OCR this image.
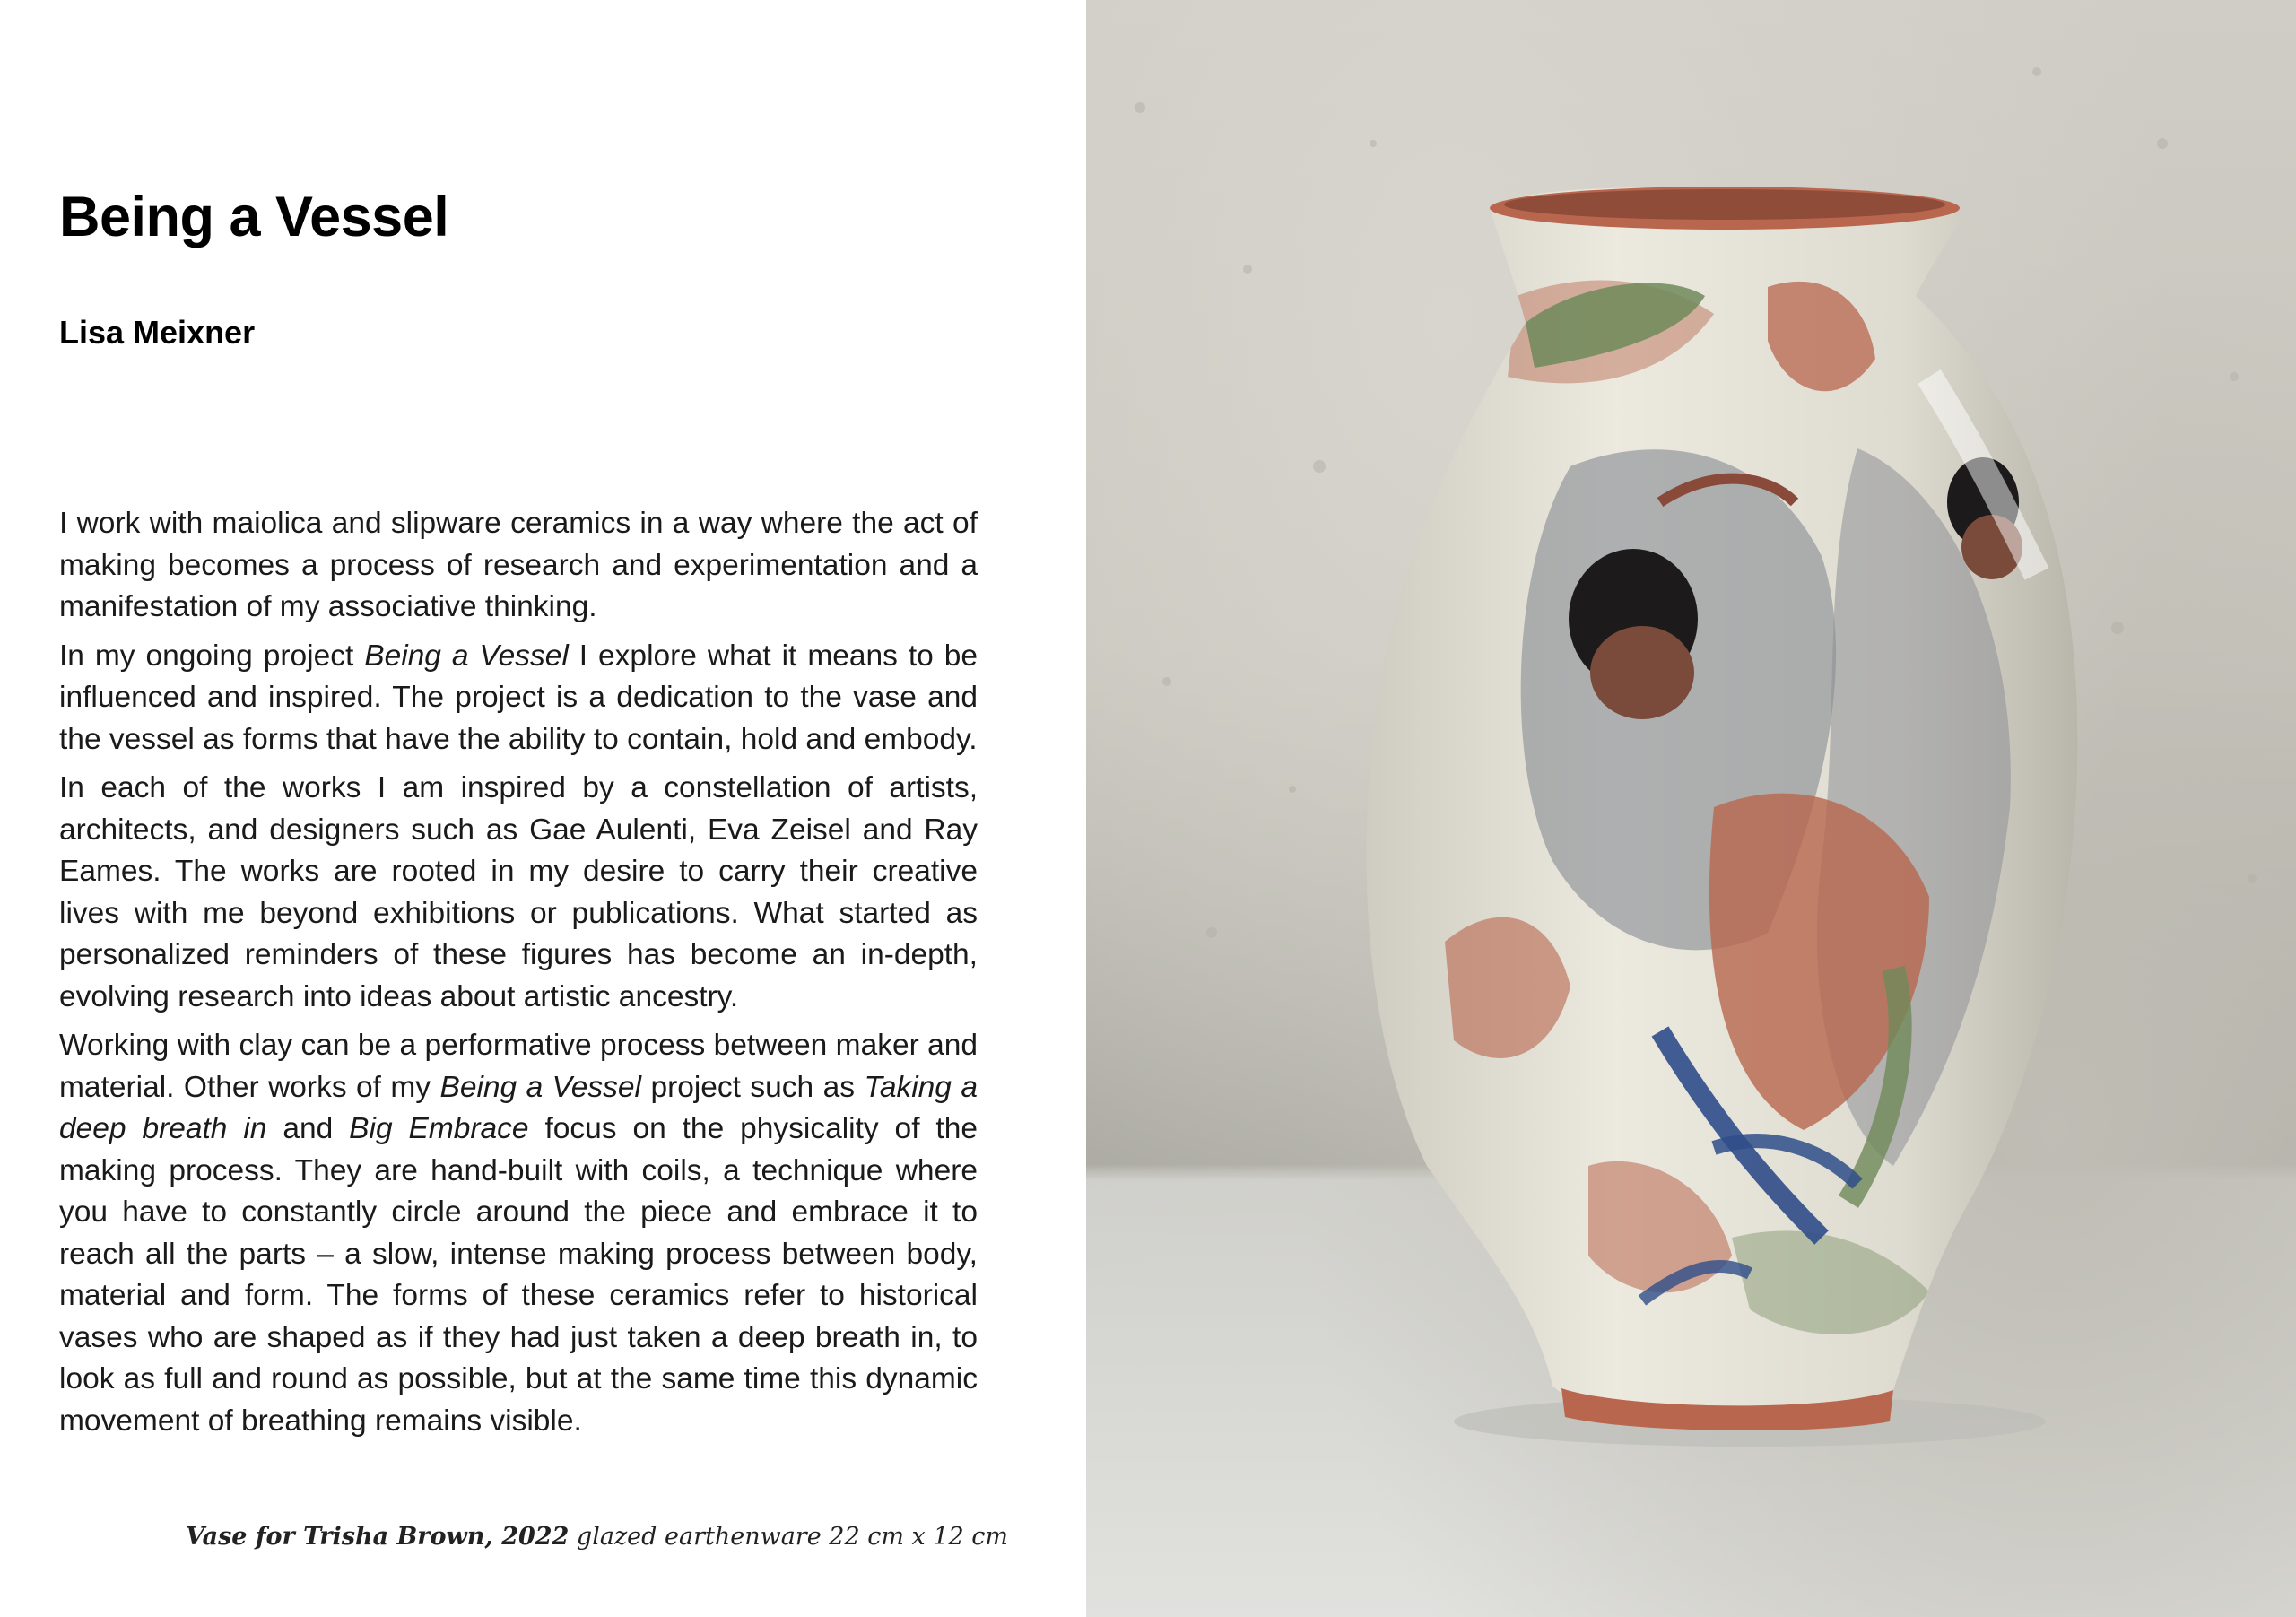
Being a Vessel
Lisa Meixner

I work with maiolica and slipware ceramics in a way where the act of making becomes a process of research and experimentation and a manifestation of my associative thinking.

In my ongoing project Being a Vessel I explore what it means to be influenced and inspired. The project is a dedication to the vase and the vessel as forms that have the ability to contain, hold and embody.

In each of the works I am inspired by a constellation of artists, architects, and designers such as Gae Aulenti, Eva Zeisel and Ray Eames. The works are rooted in my desire to carry their creative lives with me beyond exhibitions or publications. What started as personalized reminders of these figures has become an in-depth, evolving research into ideas about artistic ancestry.

Working with clay can be a performative process between maker and material. Other works of my Being a Vessel project such as Taking a deep breath in and Big Embrace focus on the physicality of the making process. They are hand-built with coils, a technique where you have to constantly circle around the piece and embrace it to reach all the parts – a slow, intense making process between body, material and form. The forms of these ceramics refer to historical vases who are shaped as if they had just taken a deep breath in, to look as full and round as possible, but at the same time this dynamic movement of breathing remains visible.

Vase for Trisha Brown, 2022 glazed earthenware 22 cm x 12 cm
